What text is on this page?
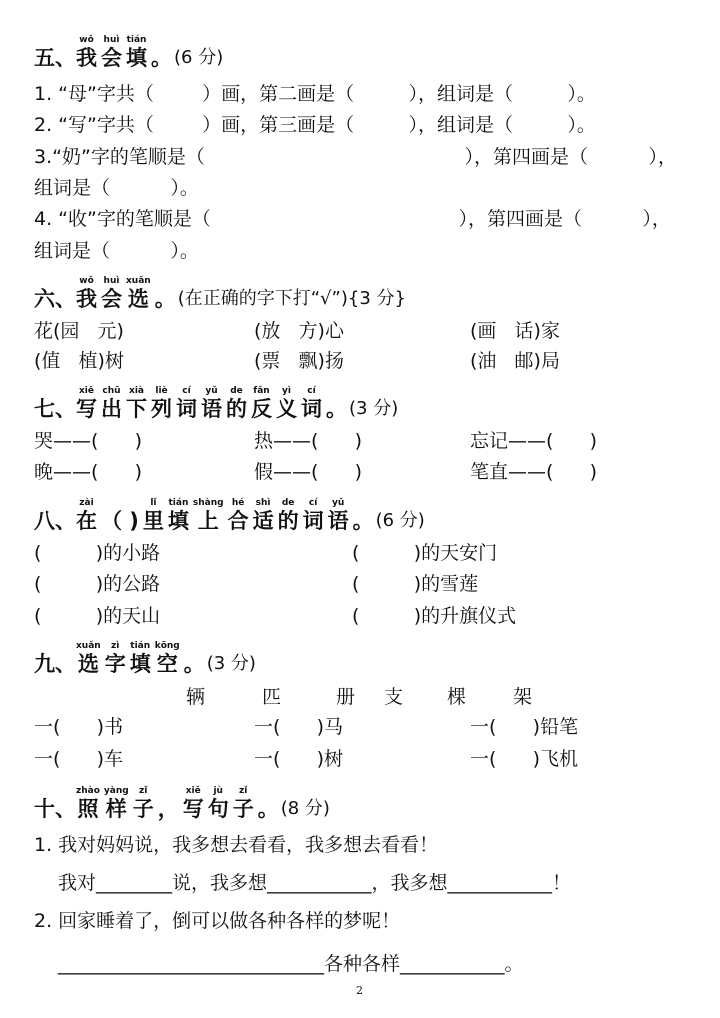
五、
wǒ
我
huì
会
tián
填 。 (6 分)
1. “母”字共（        ）画，第二画是（         ），组词是（         ）。
2. “写”字共（        ）画，第三画是（         ），组词是（         ）。
3.“奶”字的笔顺是（                                           ），第四画是（          ），
组词是（          ）。
4. “收”字的笔顺是（                                         ），第四画是（          ），
组词是（          ）。
六、
wǒ
我
huì
会
xuǎn
选 。 (在正确的字下打“√”){3 分}
花(园   元)	(放   方)心	(画   话)家
(值   植)树	(票   飘)扬	(油   邮)局
七、
xiě
写
chū
出
xià
下
liè
列
cí
词
yǔ
语
de
的
fǎn
反
yì
义
cí
词 。 (3 分)
哭——(      )	热——(      )	忘记——(      )
晚——(      )	假——(      )	笔直——(      )
八、
zài
在 （ )
lǐ
里
tián
填
shàng
上
hé
合
shì
适
de
的
cí
词
yǔ
语 。 (6 分)
(         )的小路	(         )的天安门
(         )的公路	(         )的雪莲
(         )的天山	(         )的升旗仪式
九、
xuǎn
选
zì
字
tián
填
kōng
空 。 (3 分)
辆	匹	册 支 棵 架
一(      )书	一(      )马	一(      )铅笔
一(      )车	一(      )树	一(      )飞机
十、
zhào
照
yàng
样
zǐ
子 ，
xiě
写
jù
句
zǐ
子 。 (8 分)
1. 我对妈妈说，我多想去看看，我多想去看看！
我对________说，我多想___________，我多想___________！
2. 回家睡着了，倒可以做各种各样的梦呢！
____________________________各种各样___________。
2
